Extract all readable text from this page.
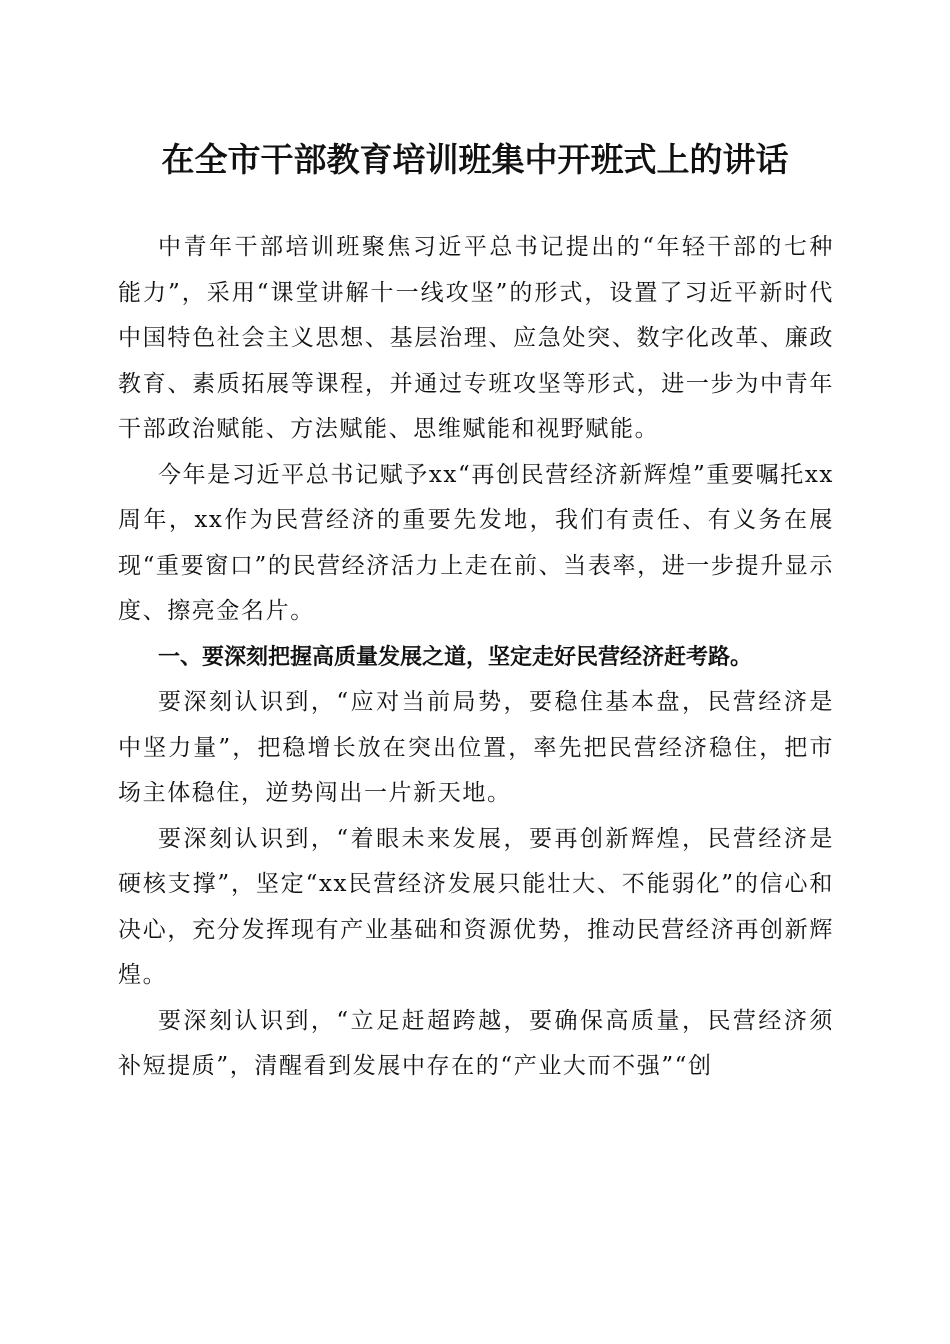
在全市干部教育培训班集中开班式上的讲话

中青年干部培训班聚焦习近平总书记提出的“年轻干部的七种能力”，采用“课堂讲解十一线攻坚”的形式，设置了习近平新时代中国特色社会主义思想、基层治理、应急处突、数字化改革、廉政教育、素质拓展等课程，并通过专班攻坚等形式，进一步为中青年干部政治赋能、方法赋能、思维赋能和视野赋能。

今年是习近平总书记赋予xx“再创民营经济新辉煌”重要嘱托xx周年，xx作为民营经济的重要先发地，我们有责任、有义务在展现“重要窗口”的民营经济活力上走在前、当表率，进一步提升显示度、擦亮金名片。

一、要深刻把握高质量发展之道，坚定走好民营经济赶考路。

要深刻认识到，“应对当前局势，要稳住基本盘，民营经济是中坚力量”，把稳增长放在突出位置，率先把民营经济稳住，把市场主体稳住，逆势闯出一片新天地。

要深刻认识到，“着眼未来发展，要再创新辉煌，民营经济是硬核支撑”，坚定“xx民营经济发展只能壮大、不能弱化”的信心和决心，充分发挥现有产业基础和资源优势，推动民营经济再创新辉煌。

要深刻认识到，“立足赶超跨越，要确保高质量，民营经济须补短提质”，清醒看到发展中存在的“产业大而不强”“创
